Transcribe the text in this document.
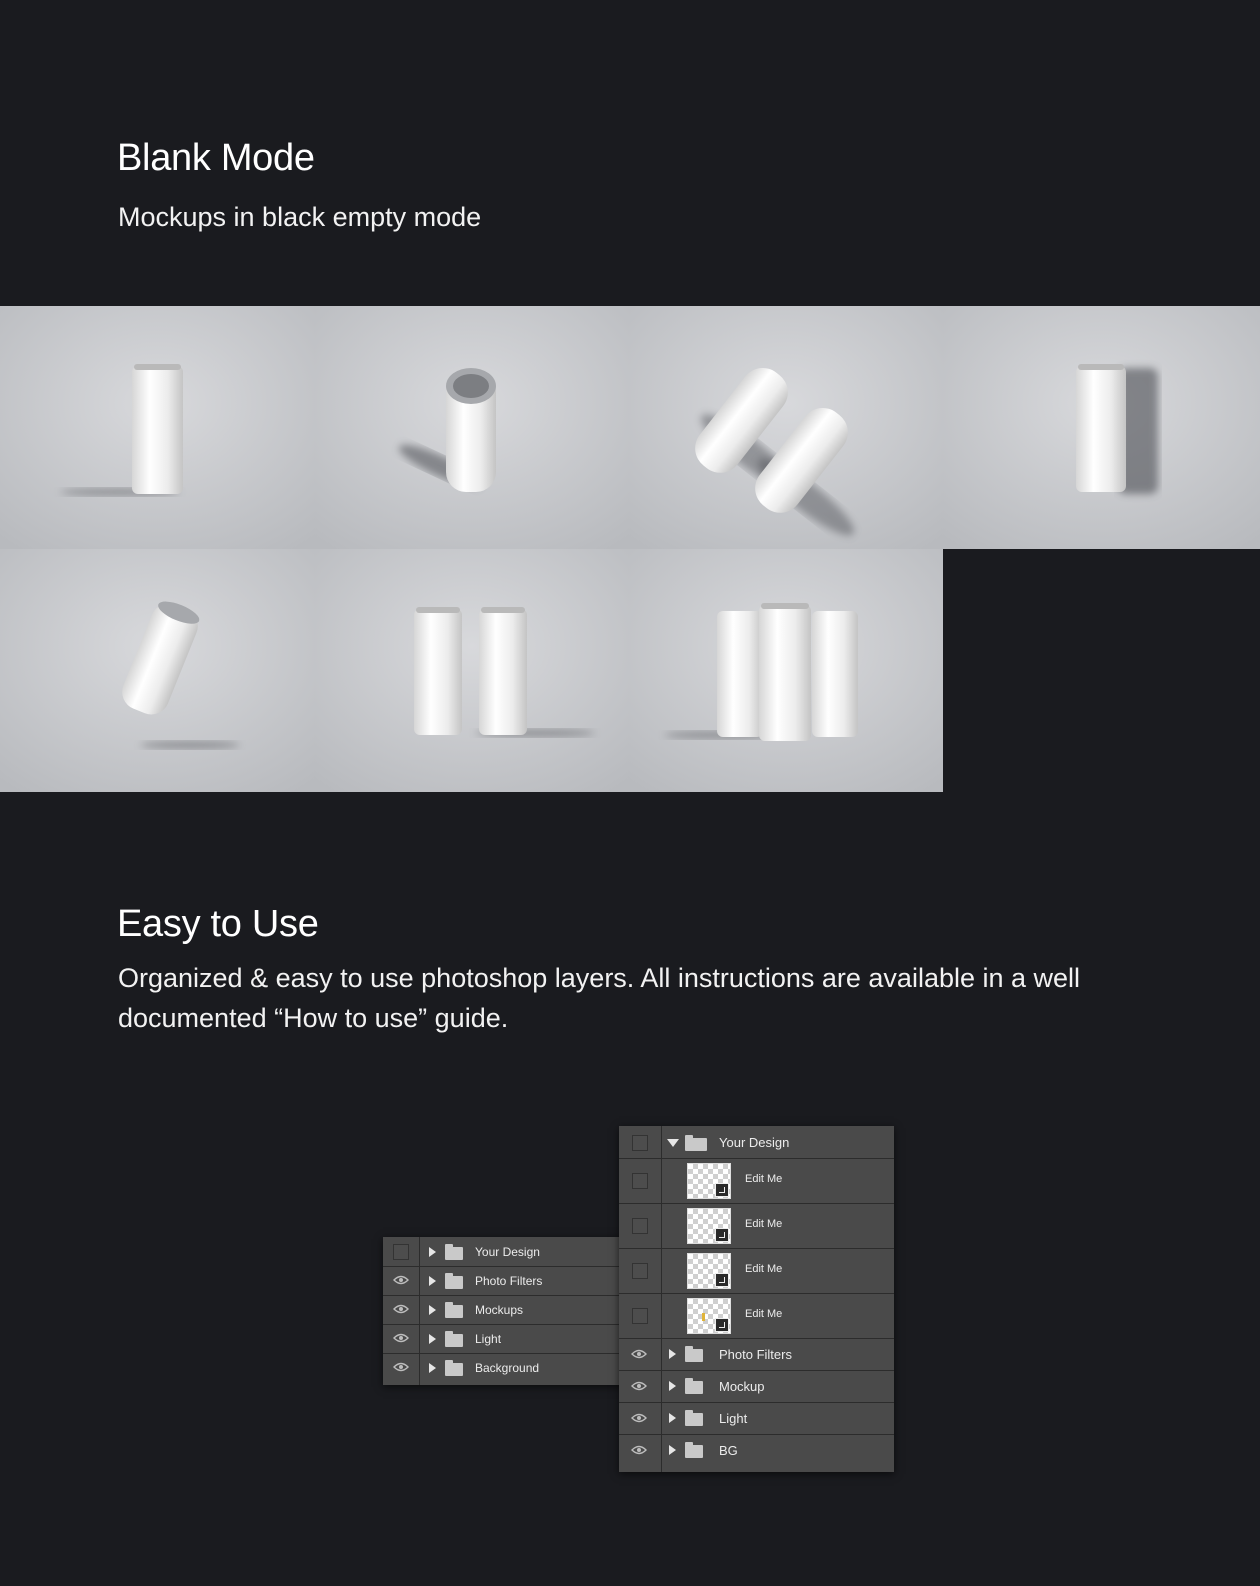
Blank Mode

Mockups in black empty mode

Easy to Use

Organized & easy to use photoshop layers. All instructions are available in a well documented “How to use” guide.

Your Design
Photo Filters
Mockups
Light
Background
Your Design
Edit Me
Edit Me
Edit Me
Edit Me
Photo Filters
Mockup
Light
BG
